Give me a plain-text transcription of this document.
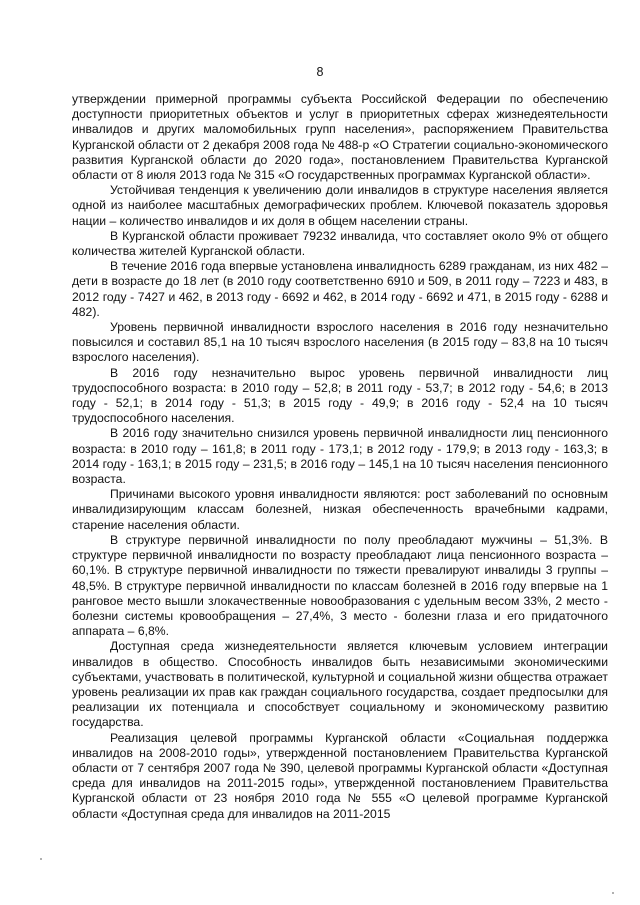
8

утверждении примерной программы субъекта Российской Федерации по обеспечению доступности приоритетных объектов и услуг в приоритетных сферах жизнедеятельности инвалидов и других маломобильных групп населения», распоряжением Правительства Курганской области от 2 декабря 2008 года № 488-р «О Стратегии социально-экономического развития Курганской области до 2020 года», постановлением Правительства Курганской области от 8 июля 2013 года № 315 «О государственных программах Курганской области».

Устойчивая тенденция к увеличению доли инвалидов в структуре населения является одной из наиболее масштабных демографических проблем. Ключевой показатель здоровья нации – количество инвалидов и их доля в общем населении страны.

В Курганской области проживает 79232 инвалида, что составляет около 9% от общего количества жителей Курганской области.

В течение 2016 года впервые установлена инвалидность 6289 гражданам, из них 482 – дети в возрасте до 18 лет (в 2010 году соответственно 6910 и 509, в 2011 году – 7223 и 483, в 2012 году - 7427 и 462, в 2013 году - 6692 и 462, в 2014 году - 6692 и 471, в 2015 году - 6288 и 482).

Уровень первичной инвалидности взрослого населения в 2016 году незначительно повысился и составил 85,1 на 10 тысяч взрослого населения (в 2015 году – 83,8 на 10 тысяч взрослого населения).

В 2016 году незначительно вырос уровень первичной инвалидности лиц трудоспособного возраста: в 2010 году – 52,8; в 2011 году - 53,7; в 2012 году - 54,6; в 2013 году - 52,1; в 2014 году - 51,3; в 2015 году - 49,9; в 2016 году - 52,4 на 10 тысяч трудоспособного населения.

В 2016 году значительно снизился уровень первичной инвалидности лиц пенсионного возраста: в 2010 году – 161,8; в 2011 году - 173,1; в 2012 году - 179,9; в 2013 году - 163,3; в 2014 году - 163,1; в 2015 году – 231,5; в 2016 году – 145,1 на 10 тысяч населения пенсионного возраста.

Причинами высокого уровня инвалидности являются: рост заболеваний по основным инвалидизирующим классам болезней, низкая обеспеченность врачебными кадрами, старение населения области.

В структуре первичной инвалидности по полу преобладают мужчины – 51,3%. В структуре первичной инвалидности по возрасту преобладают лица пенсионного возраста – 60,1%. В структуре первичной инвалидности по тяжести превалируют инвалиды 3 группы – 48,5%. В структуре первичной инвалидности по классам болезней в 2016 году впервые на 1 ранговое место вышли злокачественные новообразования с удельным весом 33%, 2 место - болезни системы кровообращения – 27,4%, 3 место - болезни глаза и его придаточного аппарата – 6,8%.

Доступная среда жизнедеятельности является ключевым условием интеграции инвалидов в общество. Способность инвалидов быть независимыми экономическими субъектами, участвовать в политической, культурной и социальной жизни общества отражает уровень реализации их прав как граждан социального государства, создает предпосылки для реализации их потенциала и способствует социальному и экономическому развитию государства.

Реализация целевой программы Курганской области «Социальная поддержка инвалидов на 2008-2010 годы», утвержденной постановлением Правительства Курганской области от 7 сентября 2007 года № 390, целевой программы Курганской области «Доступная среда для инвалидов на 2011-2015 годы», утвержденной постановлением Правительства Курганской области от 23 ноября 2010 года № 555 «О целевой программе Курганской области «Доступная среда для инвалидов на 2011-2015
